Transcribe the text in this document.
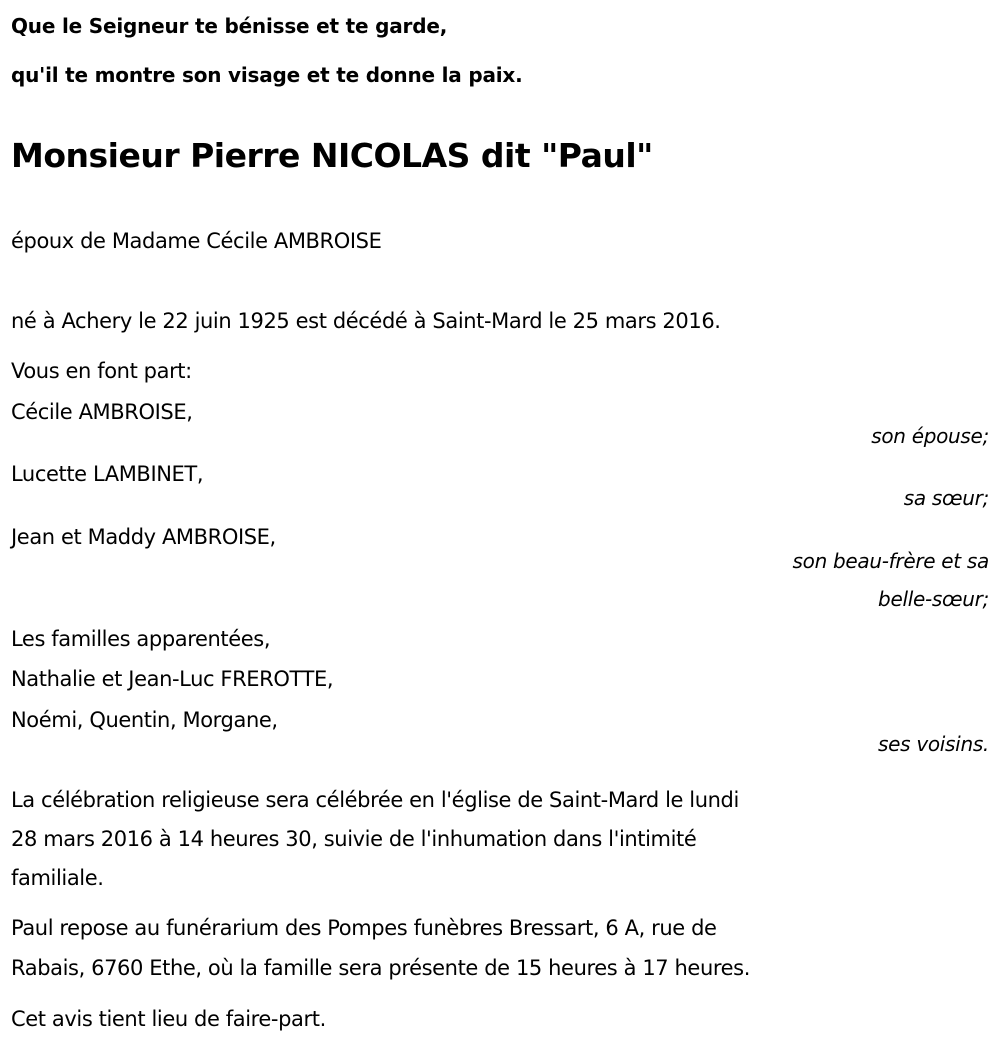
Que le Seigneur te bénisse et te garde,
qu'il te montre son visage et te donne la paix.
Monsieur Pierre NICOLAS dit "Paul"
époux de Madame Cécile AMBROISE
né à Achery le 22 juin 1925 est décédé à Saint-Mard le 25 mars 2016.
Vous en font part:
Cécile AMBROISE,
son épouse;
Lucette LAMBINET,
sa sœur;
Jean et Maddy AMBROISE,
son beau-frère et sa
belle-sœur;
Les familles apparentées,
Nathalie et Jean-Luc FREROTTE,
Noémi, Quentin, Morgane,
ses voisins.
La célébration religieuse sera célébrée en l'église de Saint-Mard le lundi
28 mars 2016 à 14 heures 30, suivie de l'inhumation dans l'intimité
familiale.
Paul repose au funérarium des Pompes funèbres Bressart, 6 A, rue de
Rabais, 6760 Ethe, où la famille sera présente de 15 heures à 17 heures.
Cet avis tient lieu de faire-part.
